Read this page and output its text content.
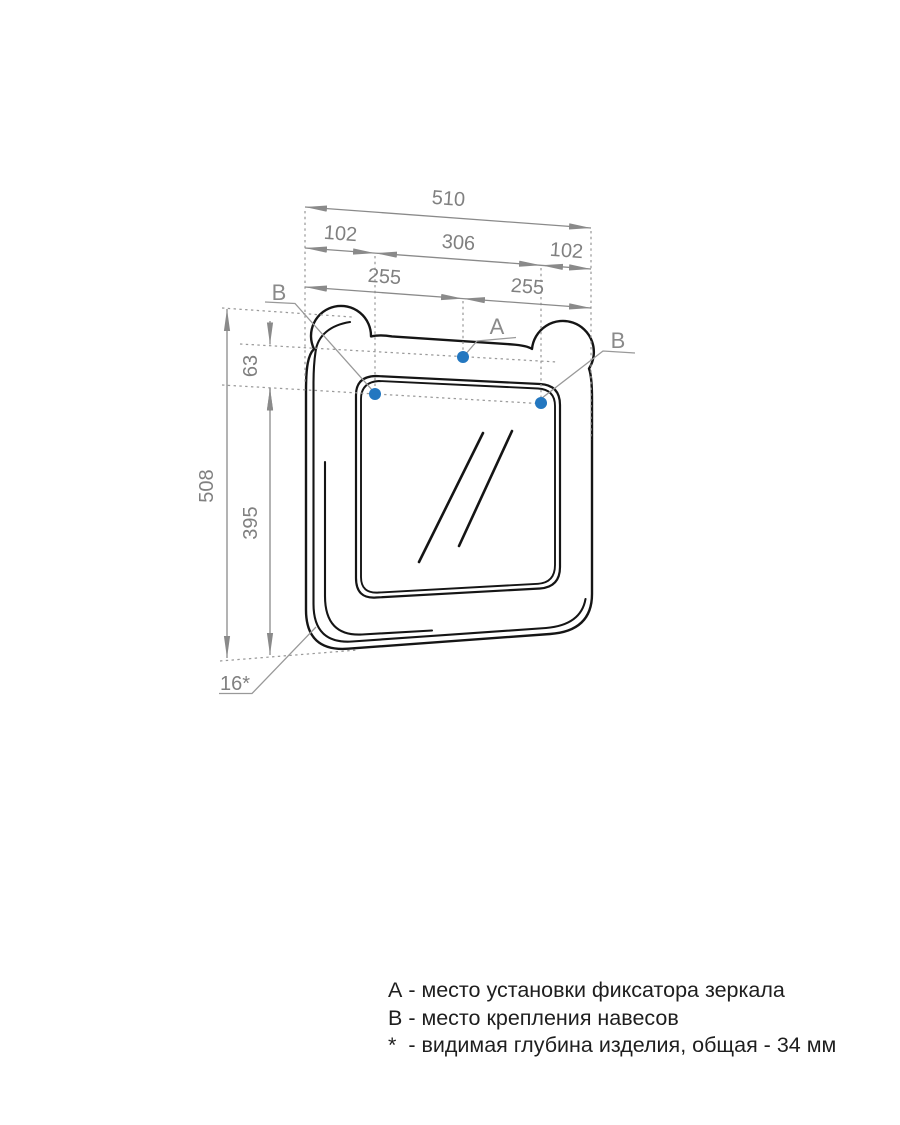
510
102	306	102
255	255
508
63
395
В
А
В
16*
А - место установки фиксатора зеркала
В - место крепления навесов
*  - видимая глубина изделия, общая - 34 мм
